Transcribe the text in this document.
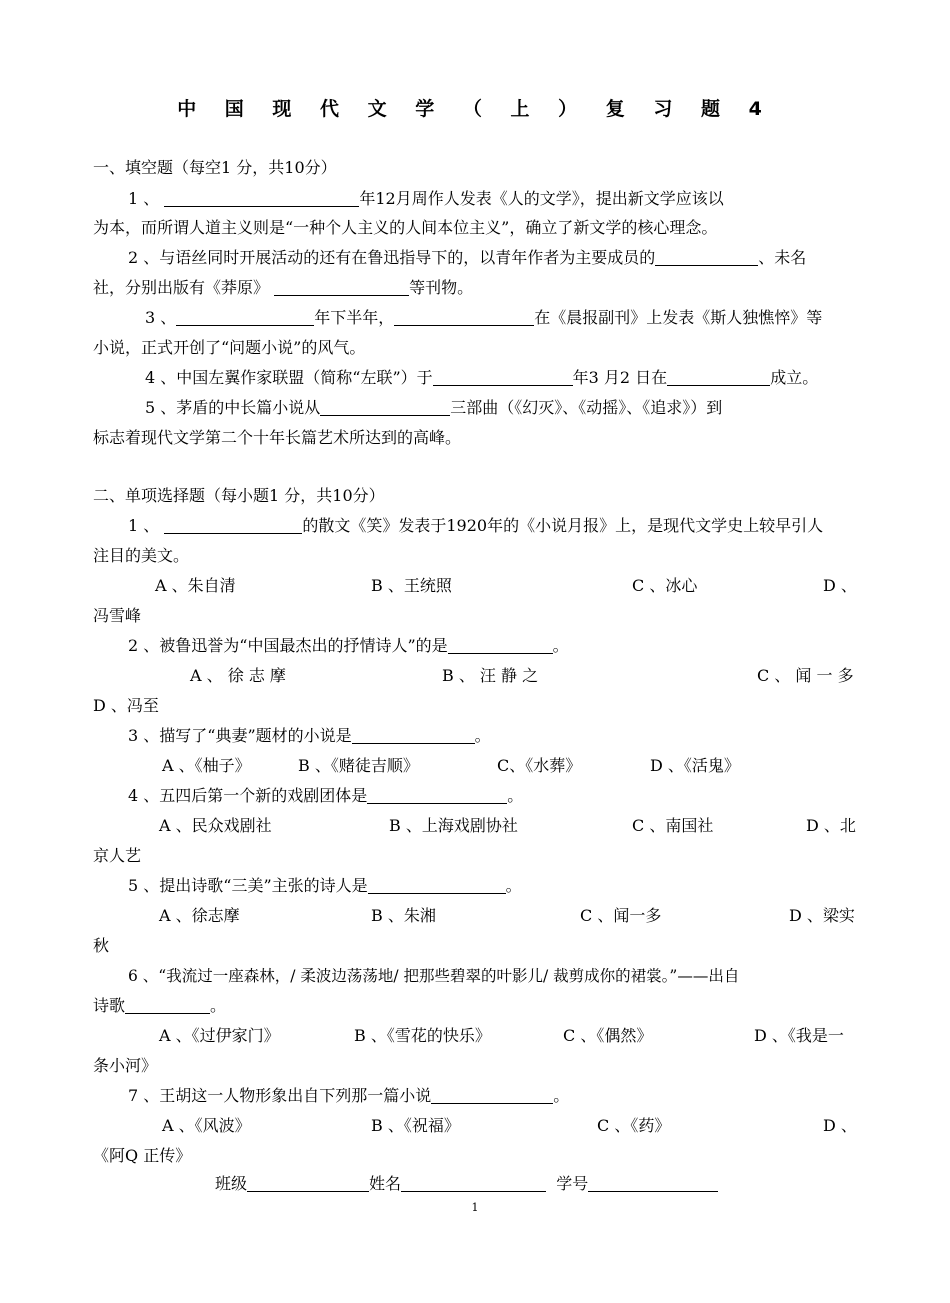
中 国 现 代 文 学 （ 上 ） 复 习 题 4
一、填空题（每空1 分，共10分）
1 、	年12月周作人发表《人的文学》，提出新文学应该以
为本，而所谓人道主义则是“一种个人主义的人间本位主义”，确立了新文学的核心理念。
2 、与语丝同时开展活动的还有在鲁迅指导下的，以青年作者为主要成员的	、未名
社，分别出版有《莽原》	等刊物。
3 、	年下半年，	在《晨报副刊》上发表《斯人独憔悴》等
小说，正式开创了“问题小说”的风气。
4 、中国左翼作家联盟（简称“左联”）于	年3 月2 日在	成立。
5 、茅盾的中长篇小说从	三部曲（《幻灭》、《动摇》、《追求》）到
标志着现代文学第二个十年长篇艺术所达到的高峰。
二、单项选择题（每小题1 分，共10分）
1 、	的散文《笑》发表于1920年的《小说月报》上，是现代文学史上较早引人
注目的美文。
A 、朱自清	B 、王统照	C 、冰心	D 、
冯雪峰
2 、被鲁迅誉为“中国最杰出的抒情诗人”的是	。
A 、 徐 志 摩	B 、 汪 静 之	C 、 闻 一 多
D 、冯至
3 、描写了“典妻”题材的小说是	。
A 、《柚子》	B 、《赌徒吉顺》	C、《水葬》	D 、《活鬼》
4 、五四后第一个新的戏剧团体是	。
A 、民众戏剧社	B 、上海戏剧协社	C 、南国社	D 、北
京人艺
5 、提出诗歌“三美”主张的诗人是	。
A 、徐志摩	B 、朱湘	C 、闻一多	D 、梁实
秋
6 、“我流过一座森林，/ 柔波边荡荡地/ 把那些碧翠的叶影儿/ 裁剪成你的裙裳。”——出自
诗歌	。
A 、《过伊家门》	B 、《雪花的快乐》	C 、《偶然》	D 、《我是一
条小河》
7 、王胡这一人物形象出自下列那一篇小说	。
A 、《风波》	B 、《祝福》	C 、《药》	D 、
《阿Q 正传》
班级	姓名	学号
1
